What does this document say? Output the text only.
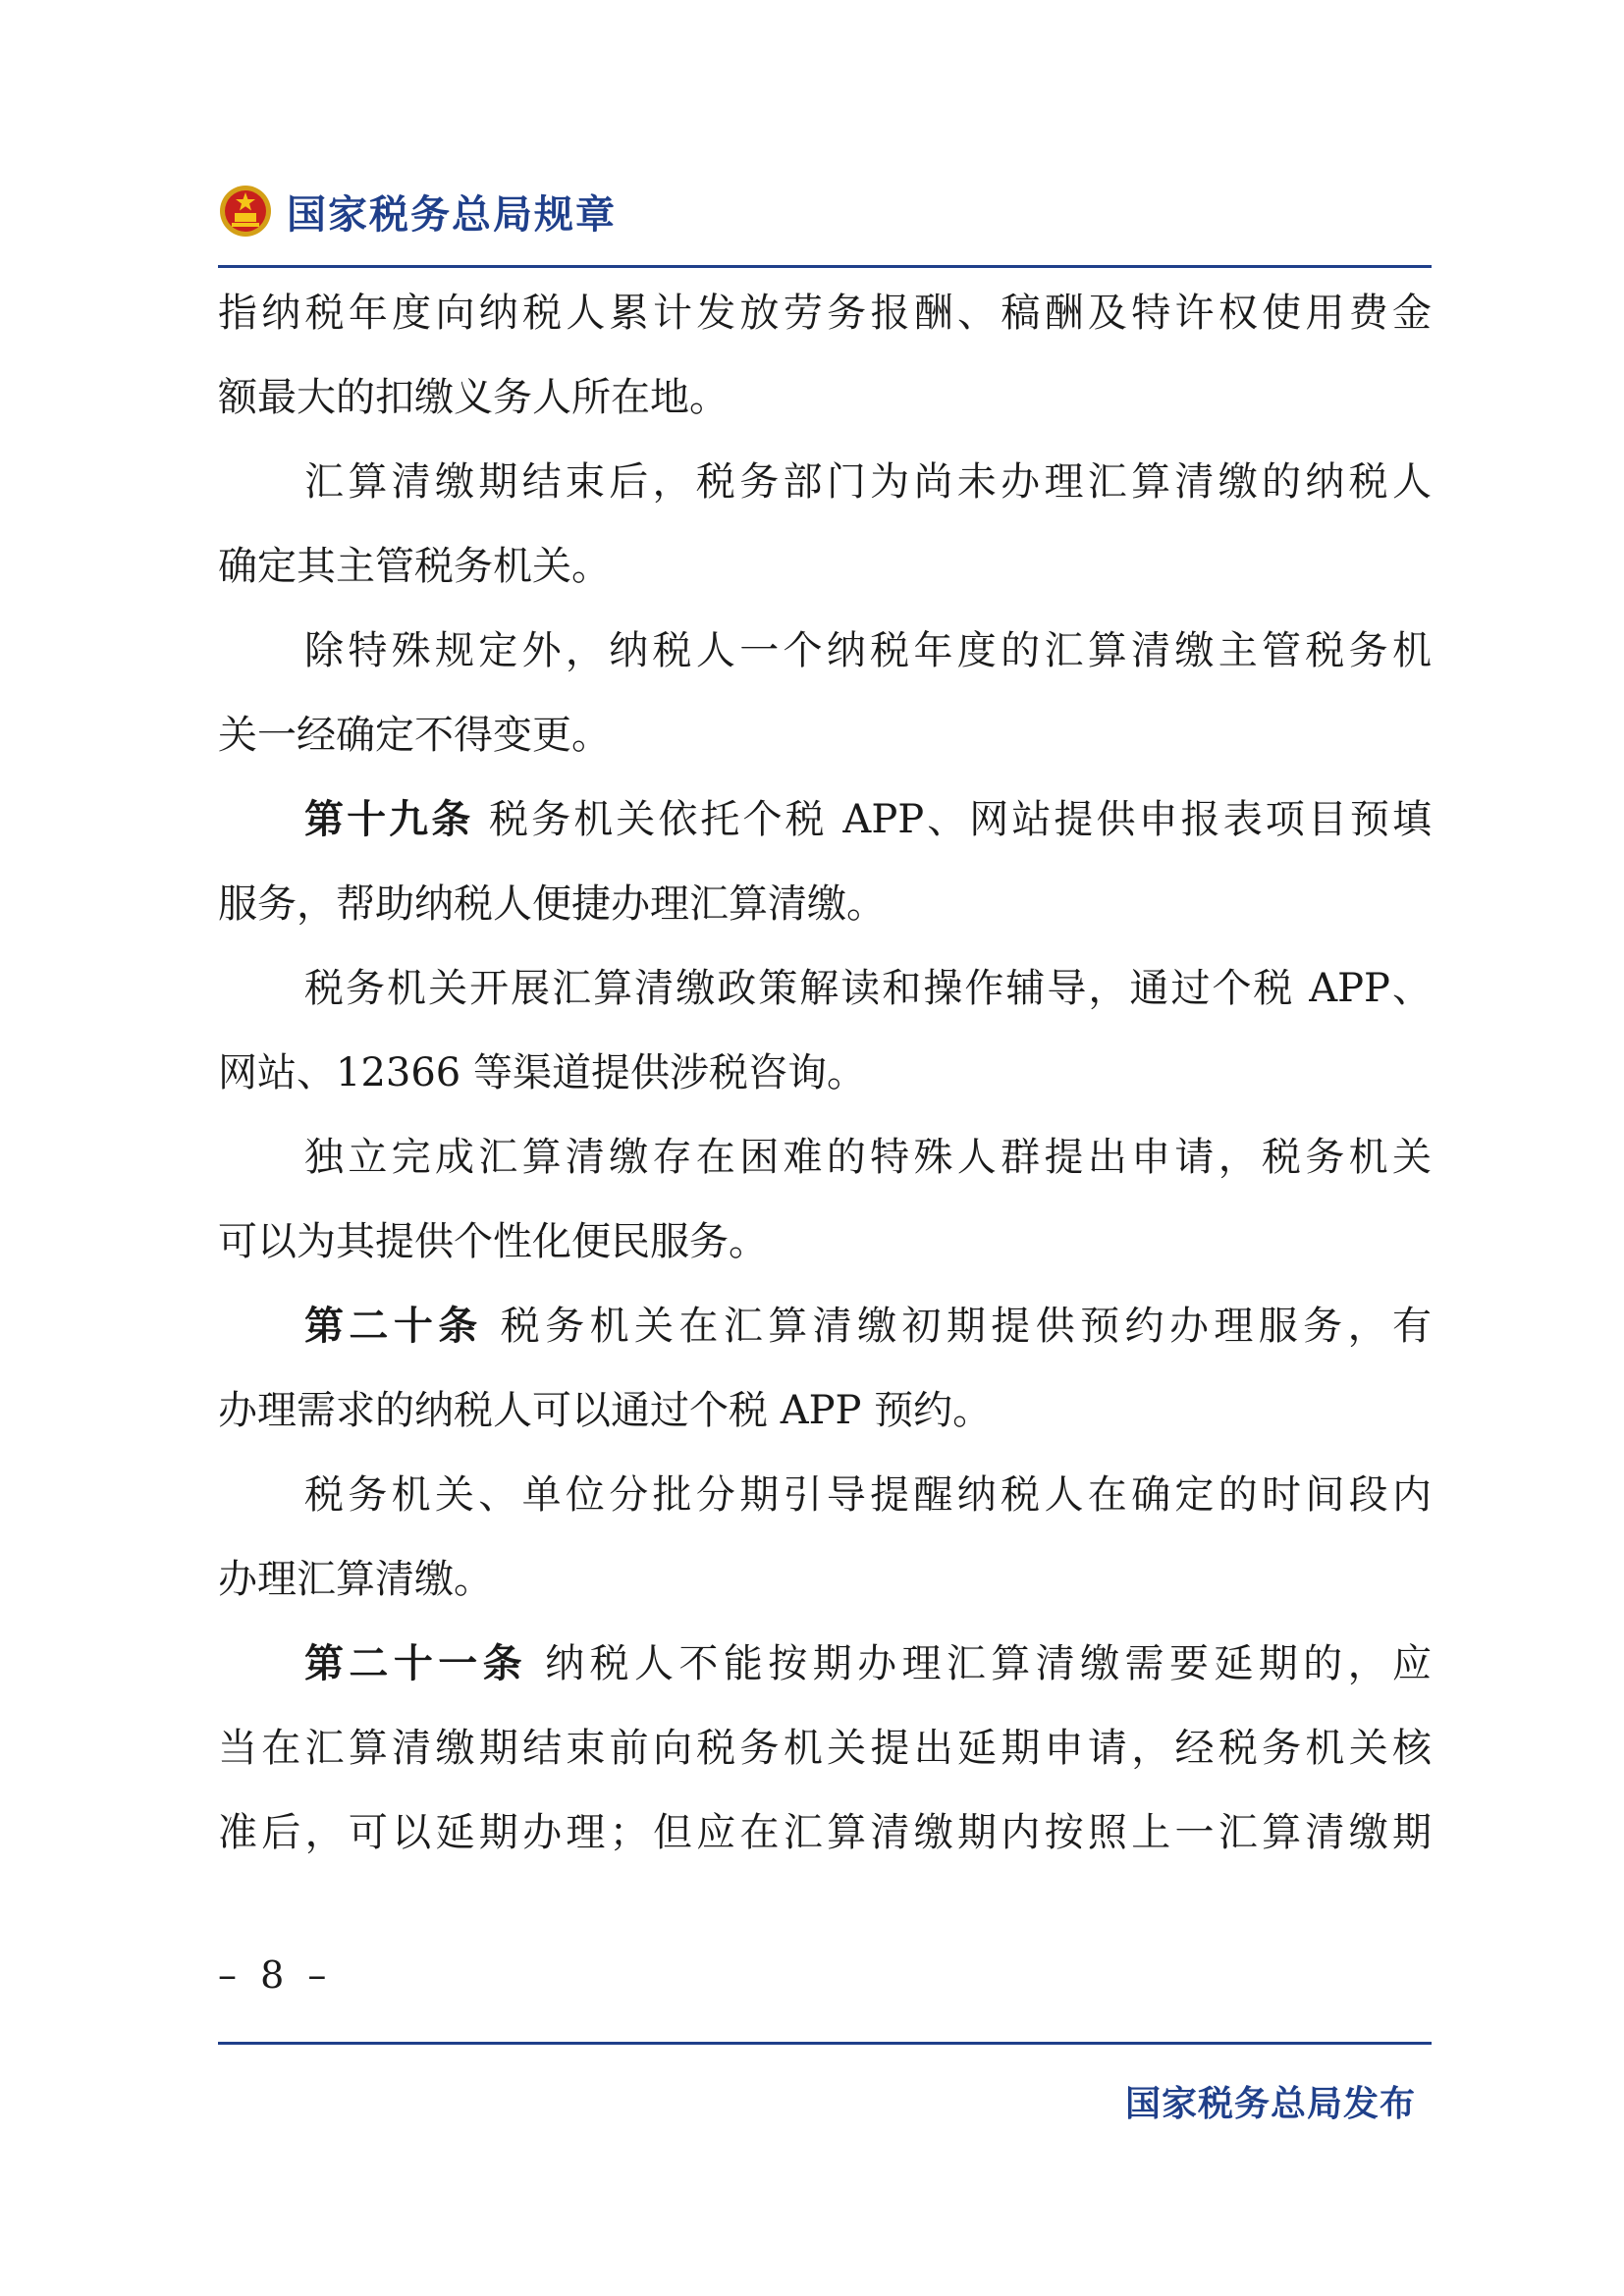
国家税务总局规章
指纳税年度向纳税人累计发放劳务报酬、稿酬及特许权使用费金
额最大的扣缴义务人所在地。
汇算清缴期结束后，税务部门为尚未办理汇算清缴的纳税人
确定其主管税务机关。
除特殊规定外，纳税人一个纳税年度的汇算清缴主管税务机
关一经确定不得变更。
第十九条 税务机关依托个税 APP、网站提供申报表项目预填
服务，帮助纳税人便捷办理汇算清缴。
税务机关开展汇算清缴政策解读和操作辅导，通过个税 APP、
网站、12366 等渠道提供涉税咨询。
独立完成汇算清缴存在困难的特殊人群提出申请，税务机关
可以为其提供个性化便民服务。
第二十条 税务机关在汇算清缴初期提供预约办理服务，有
办理需求的纳税人可以通过个税 APP 预约。
税务机关、单位分批分期引导提醒纳税人在确定的时间段内
办理汇算清缴。
第二十一条 纳税人不能按期办理汇算清缴需要延期的，应
当在汇算清缴期结束前向税务机关提出延期申请，经税务机关核
准后，可以延期办理；但应在汇算清缴期内按照上一汇算清缴期
– 8 –
国家税务总局发布
